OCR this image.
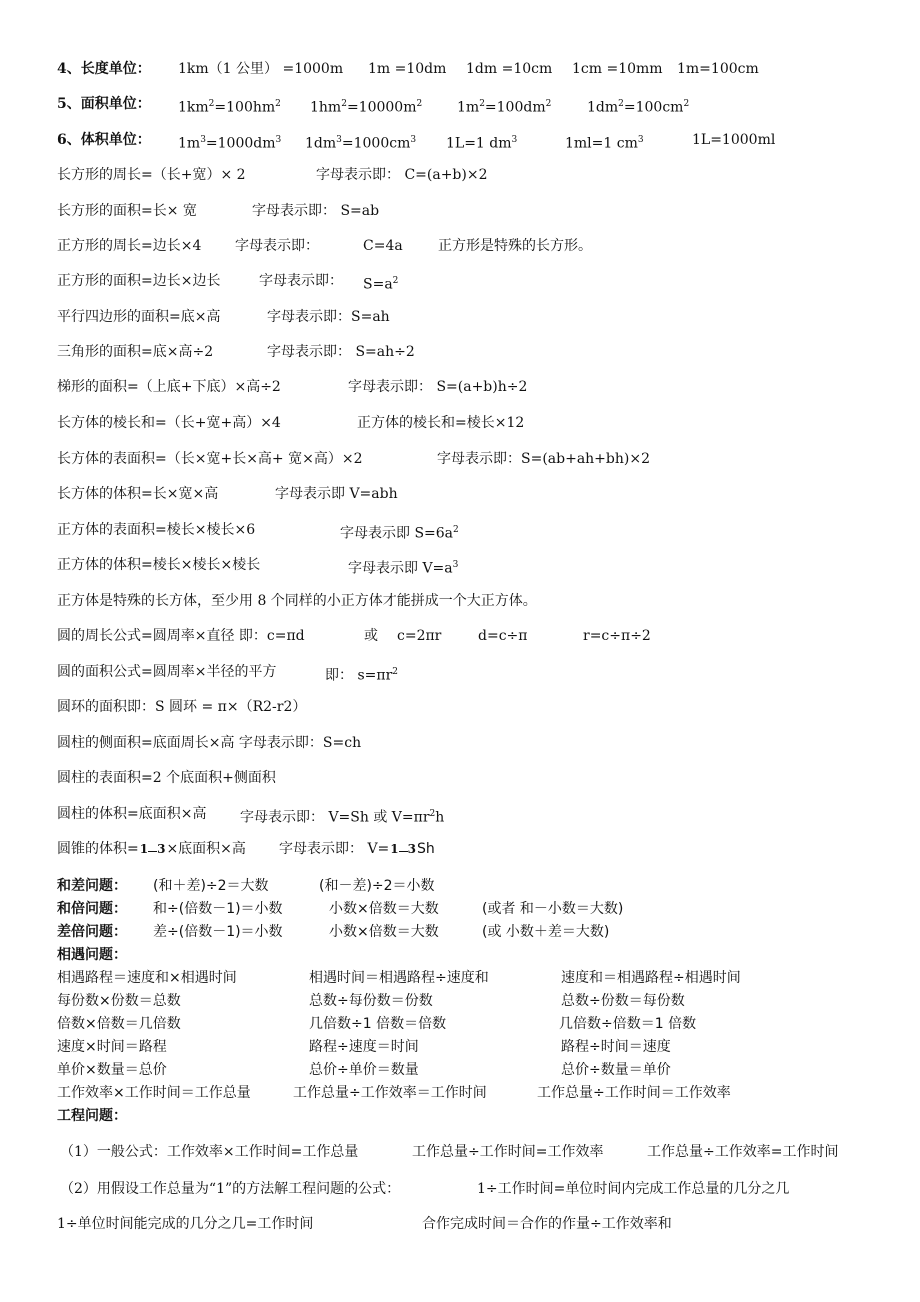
4、长度单位： 1km（1 公里） =1000m 1m =10dm 1dm =10cm 1cm =10mm 1m=100cm
5、面积单位： $1km^2=100hm^2$ $1hm^2=10000m^2$ $1m^2=100dm^2$	$1dm^2=100cm^2$
6、体积单位： $1m^3=1000dm^3$ $1dm^3=1000cm^3$ 1L=1 $dm^3$	1ml=1 $cm^3$	1L=1000ml
长方形的周长=（长+宽）× 2	字母表示即： C=(a+b)×2
长方形的面积=长× 宽	字母表示即： S=ab
正方形的周长=边长×4 字母表示即：	C=4a	正方形是特殊的长方形。
正方形的面积=边长×边长	字母表示即： $S=a^2$
平行四边形的面积=底×高	字母表示即：S=ah
三角形的面积=底×高÷2	字母表示即： S=ah÷2
梯形的面积=（上底+下底）×高÷2	字母表示即： S=(a+b)h÷2
长方体的棱长和=（长+宽+高）×4	正方体的棱长和=棱长×12
长方体的表面积=（长×宽+长×高+ 宽×高）×2	字母表示即：S=(ab+ah+bh)×2
长方体的体积=长×宽×高	字母表示即 V=abh
正方体的表面积=棱长×棱长×6	字母表示即 $S=6a^2$
正方体的体积=棱长×棱长×棱长	字母表示即 $V=a^3$
正方体是特殊的长方体，至少用 8 个同样的小正方体才能拼成一个大正方体。
圆的周长公式=圆周率×直径 即：c=πd	或 c=2πr	d=c÷π	r=c÷π÷2
圆的面积公式=圆周率×半径的平方	即： $s=\pi r^2$
圆环的面积即：S 圆环 = π×（R2-r2）
圆柱的侧面积=底面周长×高 字母表示即：S=ch
圆柱的表面积=2 个底面积+侧面积
圆柱的体积=底面积×高 字母表示即： V=Sh 或 $V=\pi r^2h$
圆锥的体积=1 3×底面积×高 字母表示即： V=1 3Sh
和差问题： (和＋差)÷2＝大数	(和－差)÷2＝小数
和倍问题： 和÷(倍数－1)＝小数	小数×倍数＝大数	(或者 和－小数＝大数)
差倍问题： 差÷(倍数－1)＝小数	小数×倍数＝大数	(或 小数＋差＝大数)
相遇问题：
相遇路程＝速度和×相遇时间	相遇时间＝相遇路程÷速度和	速度和＝相遇路程÷相遇时间
每份数×份数＝总数	总数÷每份数＝份数	总数÷份数＝每份数
倍数×倍数＝几倍数	几倍数÷1 倍数＝倍数	几倍数÷倍数＝1 倍数
速度×时间＝路程	路程÷速度＝时间	路程÷时间＝速度
单价×数量＝总价	总价÷单价＝数量	总价÷数量＝单价
工作效率×工作时间＝工作总量	工作总量÷工作效率＝工作时间	工作总量÷工作时间＝工作效率
工程问题：
（1）一般公式：工作效率×工作时间=工作总量	工作总量÷工作时间=工作效率	工作总量÷工作效率=工作时间
（2）用假设工作总量为“1”的方法解工程问题的公式：	1÷工作时间=单位时间内完成工作总量的几分之几
1÷单位时间能完成的几分之几=工作时间	合作完成时间＝合作的作量÷工作效率和
